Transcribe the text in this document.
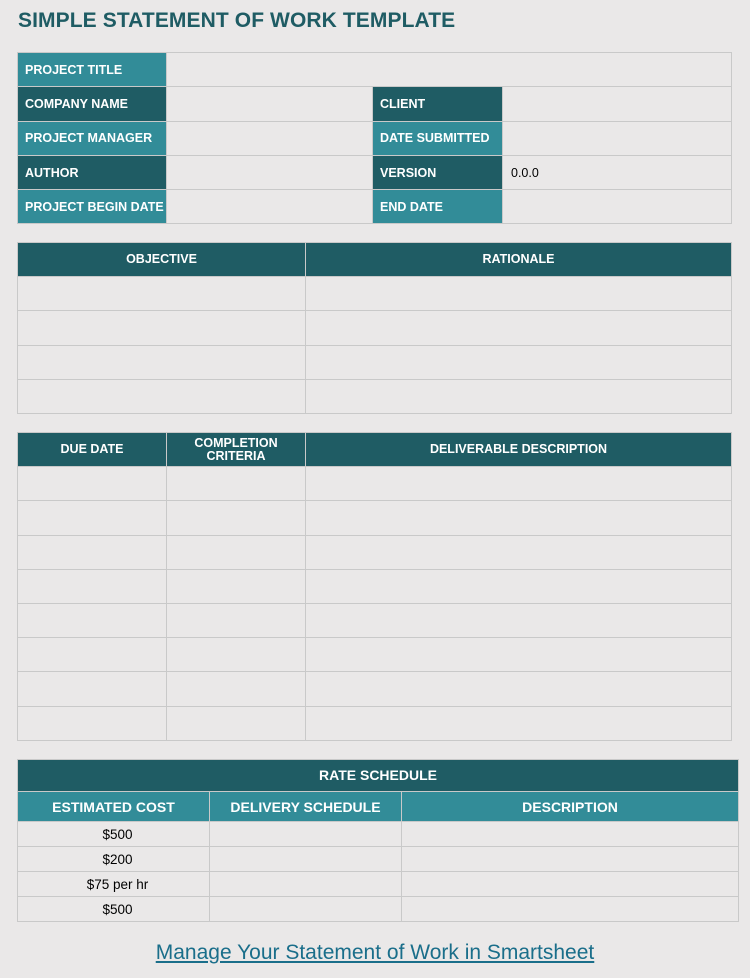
SIMPLE STATEMENT OF WORK TEMPLATE
PROJECT TITLE			
COMPANY NAME		CLIENT	
PROJECT MANAGER		DATE SUBMITTED	
AUTHOR		VERSION	0.0.0
PROJECT BEGIN DATE		END DATE	
OBJECTIVE	RATIONALE

DUE DATE	COMPLETION CRITERIA	DELIVERABLE DESCRIPTION

RATE SCHEDULE		
ESTIMATED COST	DELIVERY SCHEDULE	DESCRIPTION
$500		
$200		
$75 per hr		
$500		
Manage Your Statement of Work in Smartsheet
